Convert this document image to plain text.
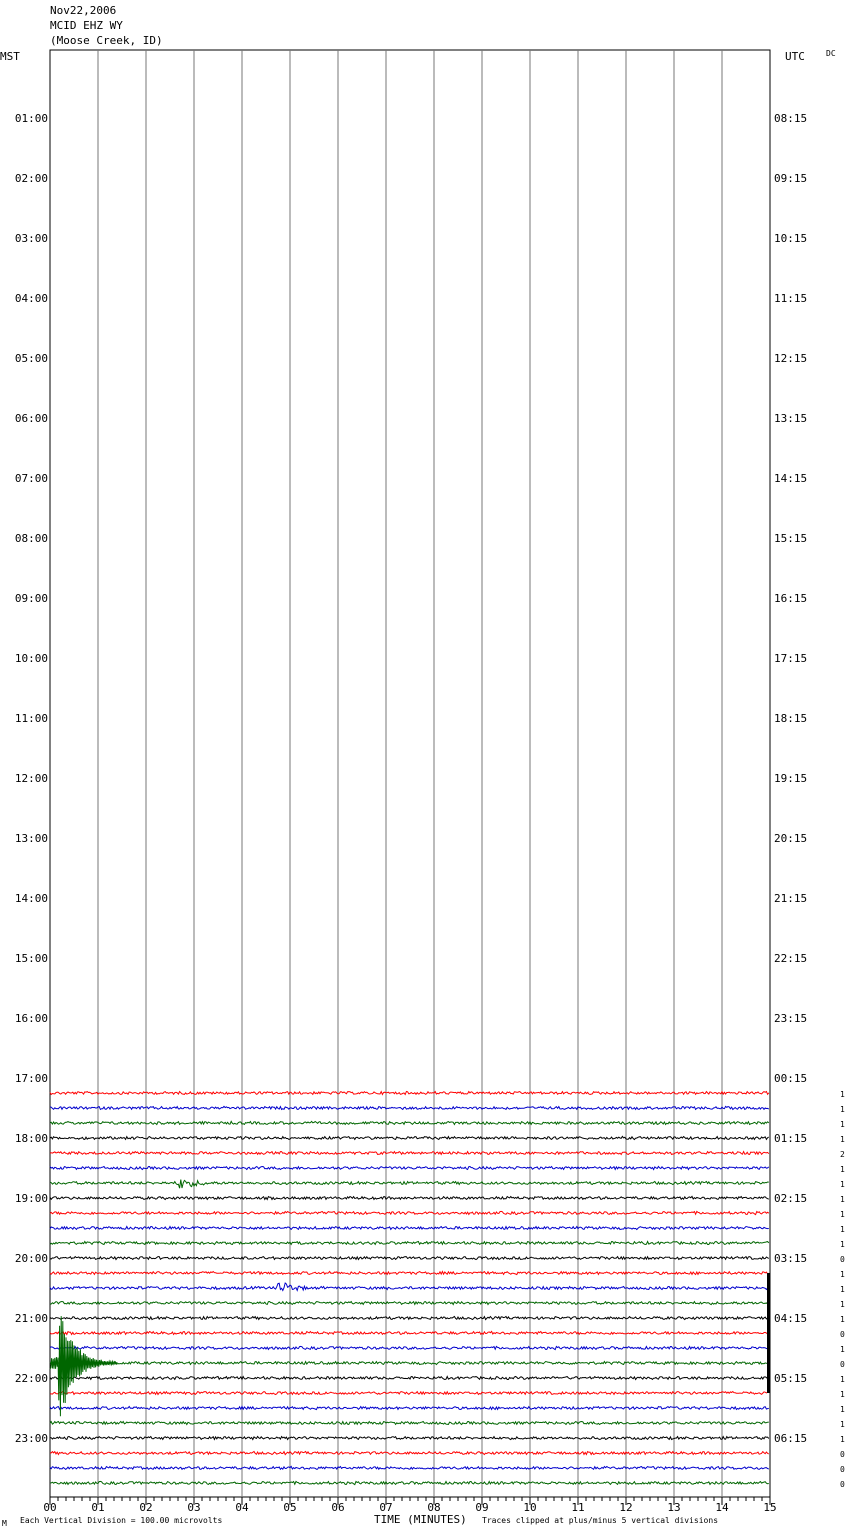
Nov22,2006
MCID EHZ WY
(Moose Creek, ID)
MST	UTC	DC
00	01	02	03	04	05	06	07	08	09	10	11	12	13	14	15
01:00
02:00
03:00
04:00
05:00
06:00
07:00
08:00
09:00
10:00
11:00
12:00
13:00
14:00
15:00
16:00
17:00
18:00
19:00
20:00
21:00
22:00
23:00
08:15
09:15
10:15
11:15
12:15
13:15
14:15
15:15
16:15
17:15
18:15
19:15
20:15
21:15
22:15
23:15
00:15
01:15
02:15
03:15
04:15
05:15
06:15
1
1
1
1
2
1
1
1
1
1
1
0
1
1
1
1
0
1
0
1
1
1
1
1
0
0
0
M Each Vertical Division = 100.00 microvolts	TIME (MINUTES) Traces clipped at plus/minus 5 vertical divisions
